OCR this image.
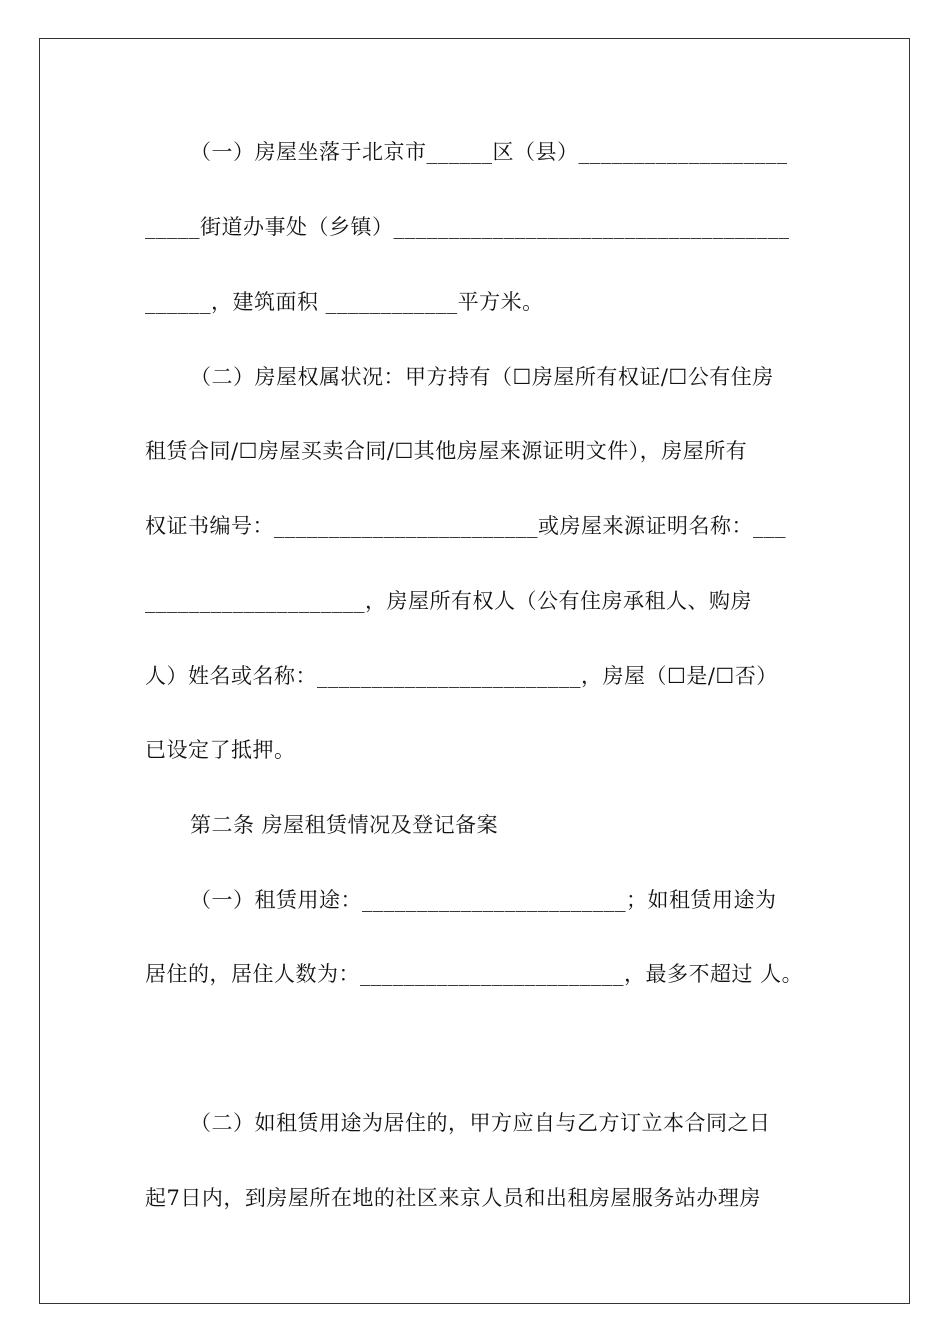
（一）房屋坐落于北京市______区（县）___________________
_____街道办事处（乡镇）____________________________________
______，建筑面积 ____________平方米。
（二）房屋权属状况：甲方持有（☐房屋所有权证/☐公有住房
租赁合同/☐房屋买卖合同/☐其他房屋来源证明文件），房屋所有
权证书编号：________________________或房屋来源证明名称：___
____________________，房屋所有权人（公有住房承租人、购房
人）姓名或名称：________________________，房屋（☐是/☐否）
已设定了抵押。
第二条 房屋租赁情况及登记备案
（一）租赁用途：________________________；如租赁用途为
居住的，居住人数为：________________________，最多不超过 人。
（二）如租赁用途为居住的，甲方应自与乙方订立本合同之日
起7日内，到房屋所在地的社区来京人员和出租房屋服务站办理房
